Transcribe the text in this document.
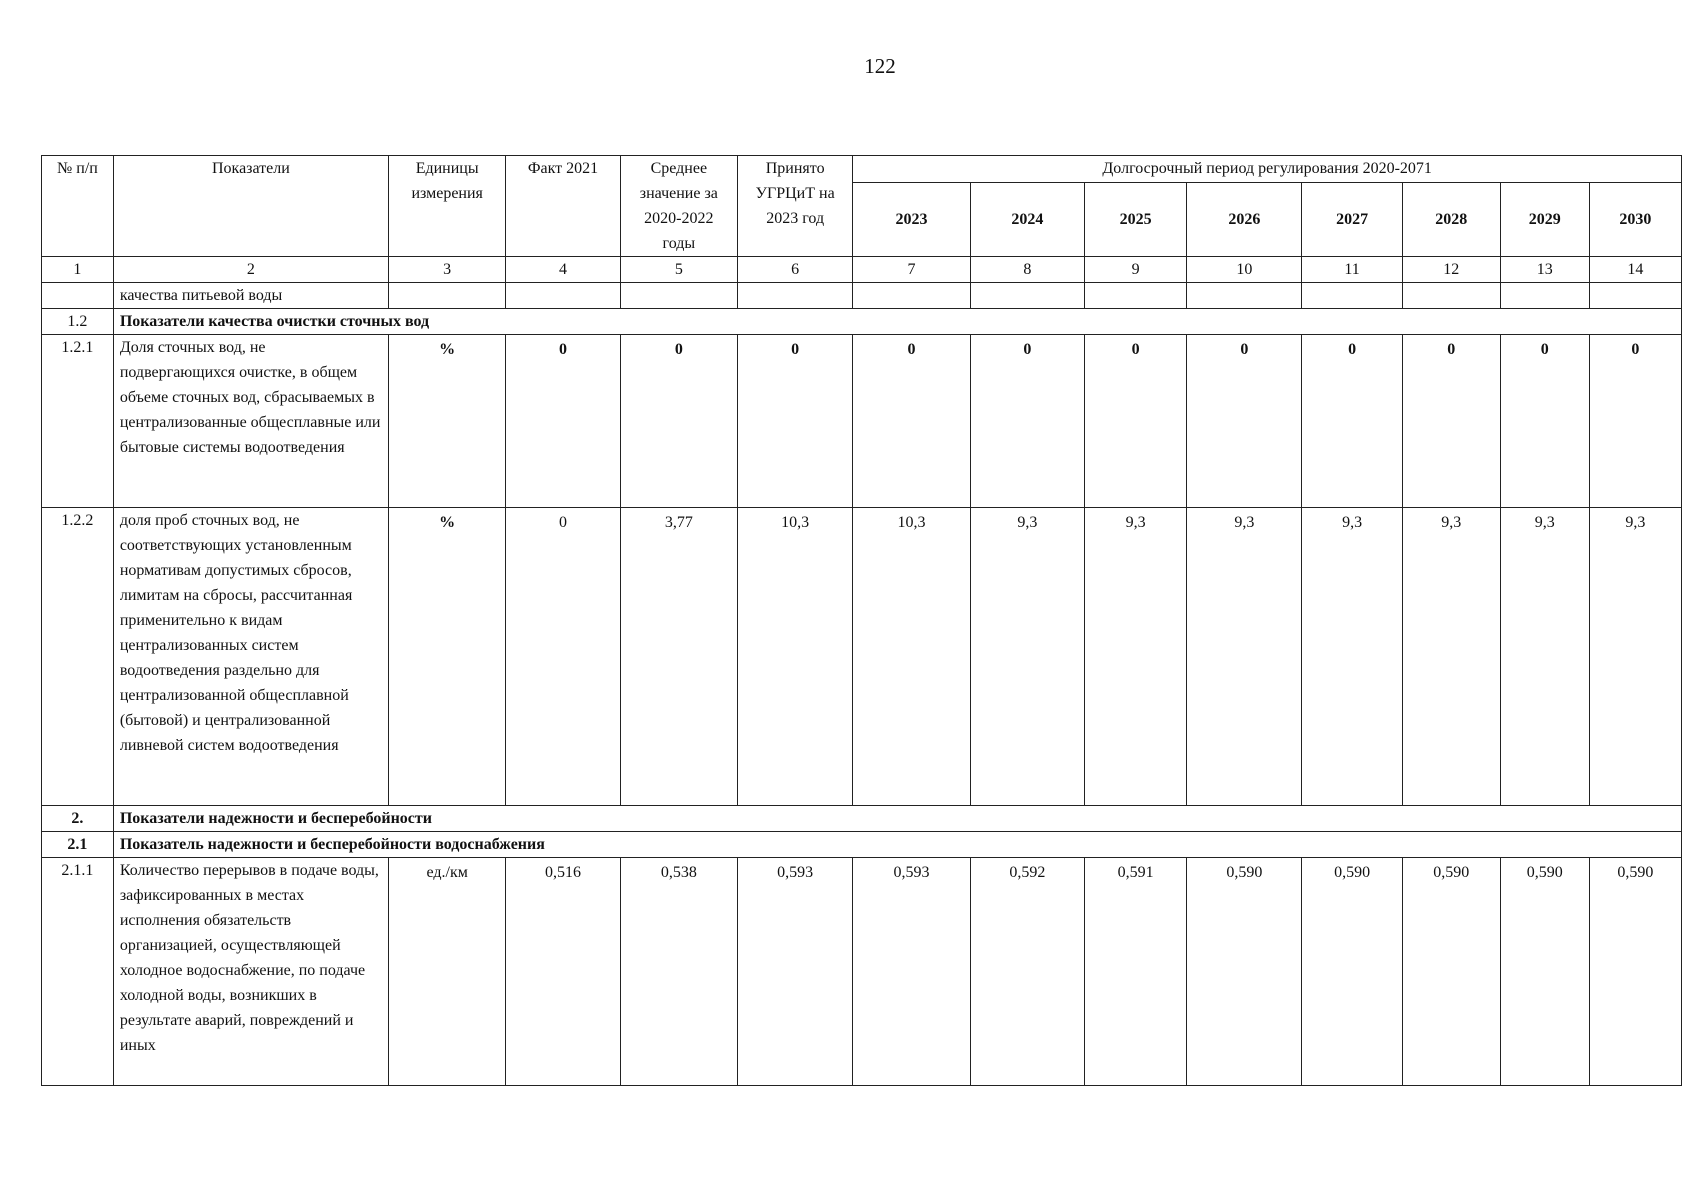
122
№ п/п	Показатели	Единицы измерения	Факт 2021	Среднее значение за 2020-2022 годы	Принято УГРЦиТ на 2023 год	Долгосрочный период регулирования 2020-2071							
						2023	2024	2025	2026	2027	2028	2029	2030
1	2	3	4	5	6	7	8	9	10	11	12	13	14
	качества питьевой воды												
1.2	Показатели качества очистки сточных вод												
1.2.1	Доля сточных вод, не подвергающихся очистке, в общем объеме сточных вод, сбрасываемых в централизованные общесплавные или бытовые системы водоотведения	%	0	0	0	0	0	0	0	0	0	0	0
1.2.2	доля проб сточных вод, не соответствующих установленным нормативам допустимых сбросов, лимитам на сбросы, рассчитанная применительно к видам централизованных систем водоотведения раздельно для централизованной общесплавной (бытовой) и централизованной ливневой систем водоотведения	%	0	3,77	10,3	10,3	9,3	9,3	9,3	9,3	9,3	9,3	9,3
2.	Показатели надежности и бесперебойности												
2.1	Показатель надежности и бесперебойности водоснабжения												
2.1.1	Количество перерывов в подаче воды, зафиксированных в местах исполнения обязательств организацией, осуществляющей холодное водоснабжение, по подаче холодной воды, возникших в результате аварий, повреждений и иных	ед./км	0,516	0,538	0,593	0,593	0,592	0,591	0,590	0,590	0,590	0,590	0,590
